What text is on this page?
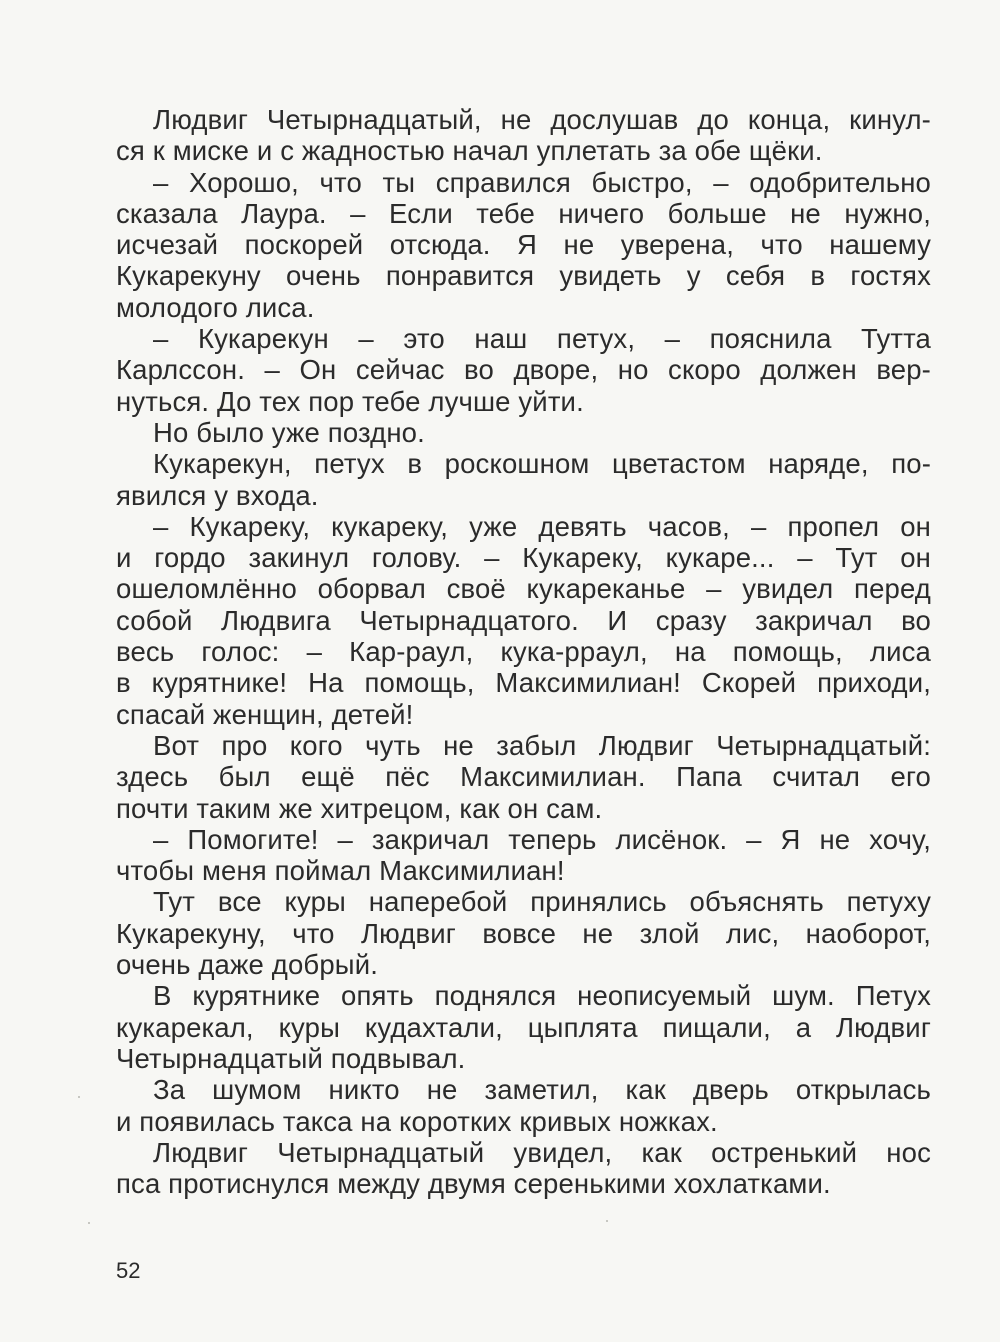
Людвиг Четырнадцатый, не дослушав до конца, кинул-
ся к миске и с жадностью начал уплетать за обе щёки.
– Хорошо, что ты справился быстро, – одобрительно
сказала Лаура. – Если тебе ничего больше не нужно,
исчезай поскорей отсюда. Я не уверена, что нашему
Кукарекуну очень понравится увидеть у себя в гостях
молодого лиса.
– Кукарекун – это наш петух, – пояснила Тутта
Карлссон. – Он сейчас во дворе, но скоро должен вер-
нуться. До тех пор тебе лучше уйти.
Но было уже поздно.
Кукарекун, петух в роскошном цветастом наряде, по-
явился у входа.
– Кукареку, кукареку, уже девять часов, – пропел он
и гордо закинул голову. – Кукареку, кукаре... – Тут он
ошеломлённо оборвал своё кукареканье – увидел перед
собой Людвига Четырнадцатого. И сразу закричал во
весь голос: – Кар-раул, кука-рраул, на помощь, лиса
в курятнике! На помощь, Максимилиан! Скорей приходи,
спасай женщин, детей!
Вот про кого чуть не забыл Людвиг Четырнадцатый:
здесь был ещё пёс Максимилиан. Папа считал его
почти таким же хитрецом, как он сам.
– Помогите! – закричал теперь лисёнок. – Я не хочу,
чтобы меня поймал Максимилиан!
Тут все куры наперебой принялись объяснять петуху
Кукарекуну, что Людвиг вовсе не злой лис, наоборот,
очень даже добрый.
В курятнике опять поднялся неописуемый шум. Петух
кукарекал, куры кудахтали, цыплята пищали, а Людвиг
Четырнадцатый подвывал.
За шумом никто не заметил, как дверь открылась
и появилась такса на коротких кривых ножках.
Людвиг Четырнадцатый увидел, как остренький нос
пса протиснулся между двумя серенькими хохлатками.
52
